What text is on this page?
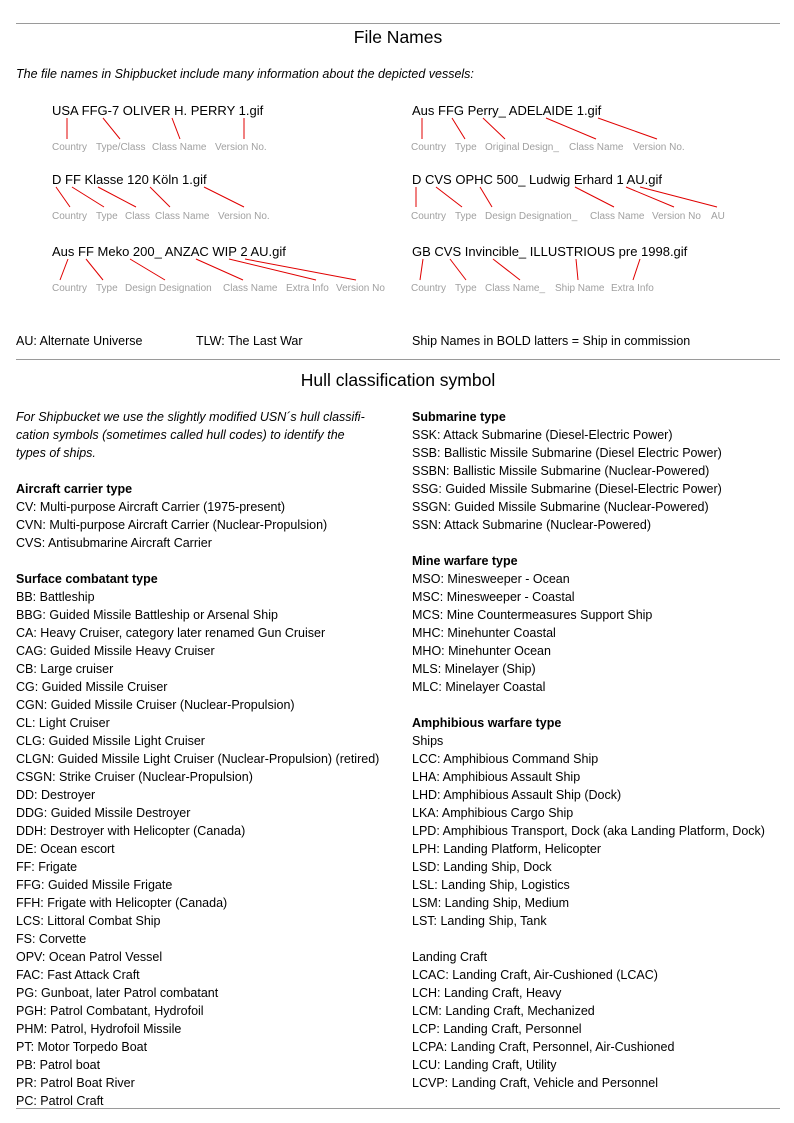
File Names
The file names in Shipbucket include many information about the depicted vessels:
USA FFG-7 OLIVER H. PERRY 1.gif
Country Type/Class Class Name Version No.
Aus FFG Perry_ ADELAIDE 1.gif
Country Type Original Design_ Class Name Version No.
D FF Klasse 120 Köln 1.gif
Country Type Class Class Name Version No.
D CVS OPHC 500_ Ludwig Erhard 1 AU.gif
Country Type Design Designation_ Class Name Version No AU
Aus FF Meko 200_ ANZAC WIP 2 AU.gif
Country Type Design Designation Class Name Extra Info Version No
GB CVS Invincible_ ILLUSTRIOUS pre 1998.gif
Country Type Class Name_ Ship Name Extra Info
AU: Alternate Universe	TLW: The Last War	Ship Names in BOLD latters = Ship in commission
Hull classification symbol
For Shipbucket we use the slightly modified USN´s hull classifi-cation symbols (sometimes called hull codes) to identify the types of ships.
Aircraft carrier type
CV: Multi-purpose Aircraft Carrier (1975-present)
CVN: Multi-purpose Aircraft Carrier (Nuclear-Propulsion)
CVS: Antisubmarine Aircraft Carrier
Surface combatant type
BB: Battleship
BBG: Guided Missile Battleship or Arsenal Ship
CA: Heavy Cruiser, category later renamed Gun Cruiser
CAG: Guided Missile Heavy Cruiser
CB: Large cruiser
CG: Guided Missile Cruiser
CGN: Guided Missile Cruiser (Nuclear-Propulsion)
CL: Light Cruiser
CLG: Guided Missile Light Cruiser
CLGN: Guided Missile Light Cruiser (Nuclear-Propulsion) (retired)
CSGN: Strike Cruiser (Nuclear-Propulsion)
DD: Destroyer
DDG: Guided Missile Destroyer
DDH: Destroyer with Helicopter (Canada)
DE: Ocean escort
FF: Frigate
FFG: Guided Missile Frigate
FFH: Frigate with Helicopter (Canada)
LCS: Littoral Combat Ship
FS: Corvette
OPV: Ocean Patrol Vessel
FAC: Fast Attack Craft
PG: Gunboat, later Patrol combatant
PGH: Patrol Combatant, Hydrofoil
PHM: Patrol, Hydrofoil Missile
PT: Motor Torpedo Boat
PB: Patrol boat
PR: Patrol Boat River
PC: Patrol Craft
Submarine type
SSK: Attack Submarine (Diesel-Electric Power)
SSB: Ballistic Missile Submarine (Diesel Electric Power)
SSBN: Ballistic Missile Submarine (Nuclear-Powered)
SSG: Guided Missile Submarine (Diesel-Electric Power)
SSGN: Guided Missile Submarine (Nuclear-Powered)
SSN: Attack Submarine (Nuclear-Powered)
Mine warfare type
MSO: Minesweeper - Ocean
MSC: Minesweeper - Coastal
MCS: Mine Countermeasures Support Ship
MHC: Minehunter Coastal
MHO: Minehunter Ocean
MLS: Minelayer (Ship)
MLC: Minelayer Coastal
Amphibious warfare type
Ships
LCC: Amphibious Command Ship
LHA: Amphibious Assault Ship
LHD: Amphibious Assault Ship (Dock)
LKA: Amphibious Cargo Ship
LPD: Amphibious Transport, Dock (aka Landing Platform, Dock)
LPH: Landing Platform, Helicopter
LSD: Landing Ship, Dock
LSL: Landing Ship, Logistics
LSM: Landing Ship, Medium
LST: Landing Ship, Tank
Landing Craft
LCAC: Landing Craft, Air-Cushioned (LCAC)
LCH: Landing Craft, Heavy
LCM: Landing Craft, Mechanized
LCP: Landing Craft, Personnel
LCPA: Landing Craft, Personnel, Air-Cushioned
LCU: Landing Craft, Utility
LCVP: Landing Craft, Vehicle and Personnel
